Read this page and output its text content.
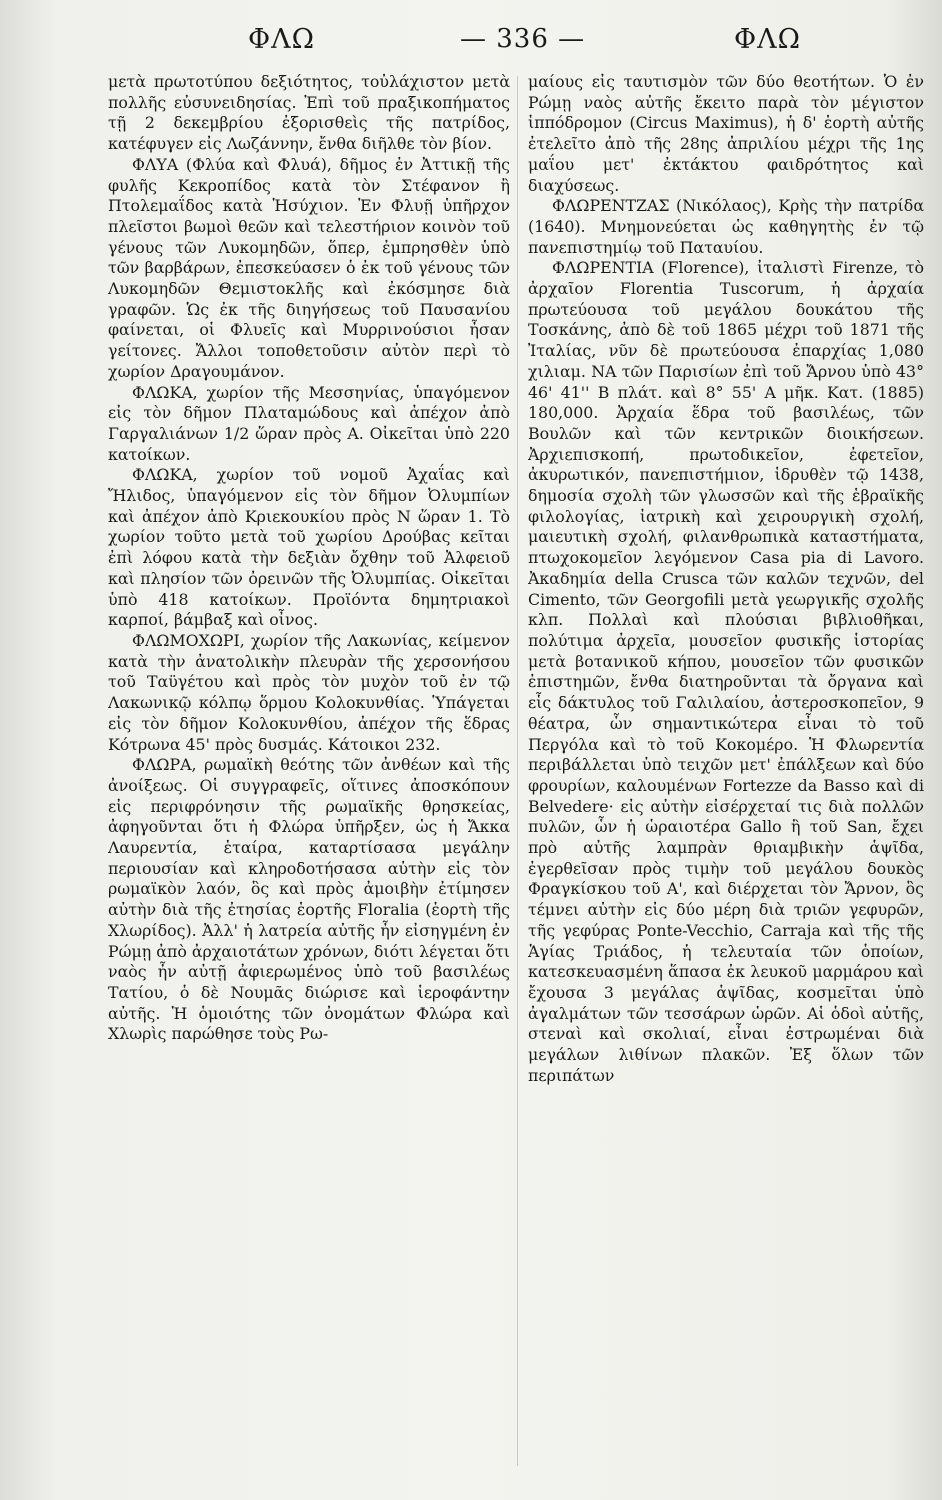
ΦΛΩ	— 336 —	ΦΛΩ

μετὰ πρωτοτύπου δεξιότητος, τοὐλάχιστον μετὰ πολλῆς εὐσυνειδησίας. Ἐπὶ τοῦ πραξικοπήματος τῇ 2 δεκεμβρίου ἐξορισθεὶς τῆς πατρίδος, κατέφυγεν εἰς Λωζάννην, ἔνθα διῆλθε τὸν βίον.

ΦΛΥΑ (Φλύα καὶ Φλυά), δῆμος ἐν Ἀττικῇ τῆς φυλῆς Κεκροπίδος κατὰ τὸν Στέφανον ἢ Πτολεμαΐδος κατὰ Ἡσύχιον. Ἐν Φλυῇ ὑπῆρχον πλεῖστοι βωμοὶ θεῶν καὶ τελεστήριον κοινὸν τοῦ γένους τῶν Λυκομηδῶν, ὅπερ, ἐμπρησθὲν ὑπὸ τῶν βαρβάρων, ἐπεσκεύασεν ὁ ἐκ τοῦ γένους τῶν Λυκομηδῶν Θεμιστοκλῆς καὶ ἐκόσμησε διὰ γραφῶν. Ὡς ἐκ τῆς διηγήσεως τοῦ Παυσανίου φαίνεται, οἱ Φλυεῖς καὶ Μυρρινούσιοι ἦσαν γείτονες. Ἄλλοι τοποθετοῦσιν αὐτὸν περὶ τὸ χωρίον Δραγουμάνον.

ΦΛΩΚΑ, χωρίον τῆς Μεσσηνίας, ὑπαγόμενον εἰς τὸν δῆμον Πλαταμώδους καὶ ἀπέχον ἀπὸ Γαργαλιάνων 1/2 ὥραν πρὸς Α. Οἰκεῖται ὑπὸ 220 κατοίκων.

ΦΛΩΚΑ, χωρίον τοῦ νομοῦ Ἀχαΐας καὶ Ἤλιδος, ὑπαγόμενον εἰς τὸν δῆμον Ὀλυμπίων καὶ ἀπέχον ἀπὸ Κριεκουκίου πρὸς Ν ὥραν 1. Τὸ χωρίον τοῦτο μετὰ τοῦ χωρίου Δρούβας κεῖται ἐπὶ λόφου κατὰ τὴν δεξιὰν ὄχθην τοῦ Ἀλφειοῦ καὶ πλησίον τῶν ὀρεινῶν τῆς Ὀλυμπίας. Οἰκεῖται ὑπὸ 418 κατοίκων. Προϊόντα δημητριακοὶ καρποί, βάμβαξ καὶ οἶνος.

ΦΛΩΜΟΧΩΡΙ, χωρίον τῆς Λακωνίας, κείμενον κατὰ τὴν ἀνατολικὴν πλευρὰν τῆς χερσονήσου τοῦ Ταϋγέτου καὶ πρὸς τὸν μυχὸν τοῦ ἐν τῷ Λακωνικῷ κόλπῳ ὅρμου Κολοκυνθίας. Ὑπάγεται εἰς τὸν δῆμον Κολοκυνθίου, ἀπέχον τῆς ἕδρας Κότρωνα 45' πρὸς δυσμάς. Κάτοικοι 232.

ΦΛΩΡΑ, ρωμαϊκὴ θεότης τῶν ἀνθέων καὶ τῆς ἀνοίξεως. Οἱ συγγραφεῖς, οἵτινες ἀποσκόπουν εἰς περιφρόνησιν τῆς ρωμαϊκῆς θρησκείας, ἀφηγοῦνται ὅτι ἡ Φλώρα ὑπῆρξεν, ὡς ἡ Ἄκκα Λαυρεντία, ἑταίρα, καταρτίσασα μεγάλην περιουσίαν καὶ κληροδοτήσασα αὐτὴν εἰς τὸν ρωμαϊκὸν λαόν, ὃς καὶ πρὸς ἀμοιβὴν ἐτίμησεν αὐτὴν διὰ τῆς ἐτησίας ἑορτῆς Floralia (ἑορτὴ τῆς Χλωρίδος). Ἀλλ' ἡ λατρεία αὐτῆς ἦν εἰσηγμένη ἐν Ρώμῃ ἀπὸ ἀρχαιοτάτων χρόνων, διότι λέγεται ὅτι ναὸς ἦν αὐτῇ ἀφιερωμένος ὑπὸ τοῦ βασιλέως Τατίου, ὁ δὲ Νουμᾶς διώρισε καὶ ἱεροφάντην αὐτῆς. Ἡ ὁμοιότης τῶν ὀνομάτων Φλώρα καὶ Χλωρὶς παρώθησε τοὺς Ρω-

μαίους εἰς ταυτισμὸν τῶν δύο θεοτήτων. Ὁ ἐν Ρώμῃ ναὸς αὐτῆς ἔκειτο παρὰ τὸν μέγιστον ἱππόδρομον (Circus Maximus), ἡ δ' ἑορτὴ αὐτῆς ἐτελεῖτο ἀπὸ τῆς 28ης ἀπριλίου μέχρι τῆς 1ης μαΐου μετ' ἐκτάκτου φαιδρότητος καὶ διαχύσεως.

ΦΛΩΡΕΝΤΖΑΣ (Νικόλαος), Κρὴς τὴν πατρίδα (1640). Μνημονεύεται ὡς καθηγητὴς ἐν τῷ πανεπιστημίῳ τοῦ Παταυίου.

ΦΛΩΡΕΝΤΙΑ (Florence), ἰταλιστὶ Firenze, τὸ ἀρχαῖον Florentia Tuscorum, ἡ ἀρχαία πρωτεύουσα τοῦ μεγάλου δουκάτου τῆς Τοσκάνης, ἀπὸ δὲ τοῦ 1865 μέχρι τοῦ 1871 τῆς Ἰταλίας, νῦν δὲ πρωτεύουσα ἐπαρχίας 1,080 χιλιαμ. ΝΑ τῶν Παρισίων ἐπὶ τοῦ Ἄρνου ὑπὸ 43° 46' 41'' Β πλάτ. καὶ 8° 55' Α μῆκ. Κατ. (1885) 180,000. Ἀρχαία ἕδρα τοῦ βασιλέως, τῶν Βουλῶν καὶ τῶν κεντρικῶν διοικήσεων. Ἀρχιεπισκοπή, πρωτοδικεῖον, ἐφετεῖον, ἀκυρωτικόν, πανεπιστήμιον, ἱδρυθὲν τῷ 1438, δημοσία σχολὴ τῶν γλωσσῶν καὶ τῆς ἑβραϊκῆς φιλολογίας, ἰατρικὴ καὶ χειρουργικὴ σχολή, μαιευτικὴ σχολή, φιλανθρωπικὰ καταστήματα, πτωχοκομεῖον λεγόμενον Casa pia di Lavoro. Ἀκαδημία della Crusca τῶν καλῶν τεχνῶν, del Cimento, τῶν Georgofili μετὰ γεωργικῆς σχολῆς κλπ. Πολλαὶ καὶ πλούσιαι βιβλιοθῆκαι, πολύτιμα ἀρχεῖα, μουσεῖον φυσικῆς ἱστορίας μετὰ βοτανικοῦ κήπου, μουσεῖον τῶν φυσικῶν ἐπιστημῶν, ἔνθα διατηροῦνται τὰ ὄργανα καὶ εἷς δάκτυλος τοῦ Γαλιλαίου, ἀστεροσκοπεῖον, 9 θέατρα, ὧν σημαντικώτερα εἶναι τὸ τοῦ Περγόλα καὶ τὸ τοῦ Κοκομέρο. Ἡ Φλωρεντία περιβάλλεται ὑπὸ τειχῶν μετ' ἐπάλξεων καὶ δύο φρουρίων, καλουμένων Fortezze da Basso καὶ di Belvedere· εἰς αὐτὴν εἰσέρχεταί τις διὰ πολλῶν πυλῶν, ὧν ἡ ὡραιοτέρα Gallo ἢ τοῦ San, ἔχει πρὸ αὐτῆς λαμπρὰν θριαμβικὴν ἁψῖδα, ἐγερθεῖσαν πρὸς τιμὴν τοῦ μεγάλου δουκὸς Φραγκίσκου τοῦ Α', καὶ διέρχεται τὸν Ἄρνον, ὃς τέμνει αὐτὴν εἰς δύο μέρη διὰ τριῶν γεφυρῶν, τῆς γεφύρας Ponte-Vecchio, Carraja καὶ τῆς τῆς Ἁγίας Τριάδος, ἡ τελευταία τῶν ὁποίων, κατεσκευασμένη ἅπασα ἐκ λευκοῦ μαρμάρου καὶ ἔχουσα 3 μεγάλας ἁψῖδας, κοσμεῖται ὑπὸ ἀγαλμάτων τῶν τεσσάρων ὡρῶν. Αἱ ὁδοὶ αὐτῆς, στεναὶ καὶ σκολιαί, εἶναι ἐστρωμέναι διὰ μεγάλων λιθίνων πλακῶν. Ἐξ ὅλων τῶν περιπάτων
